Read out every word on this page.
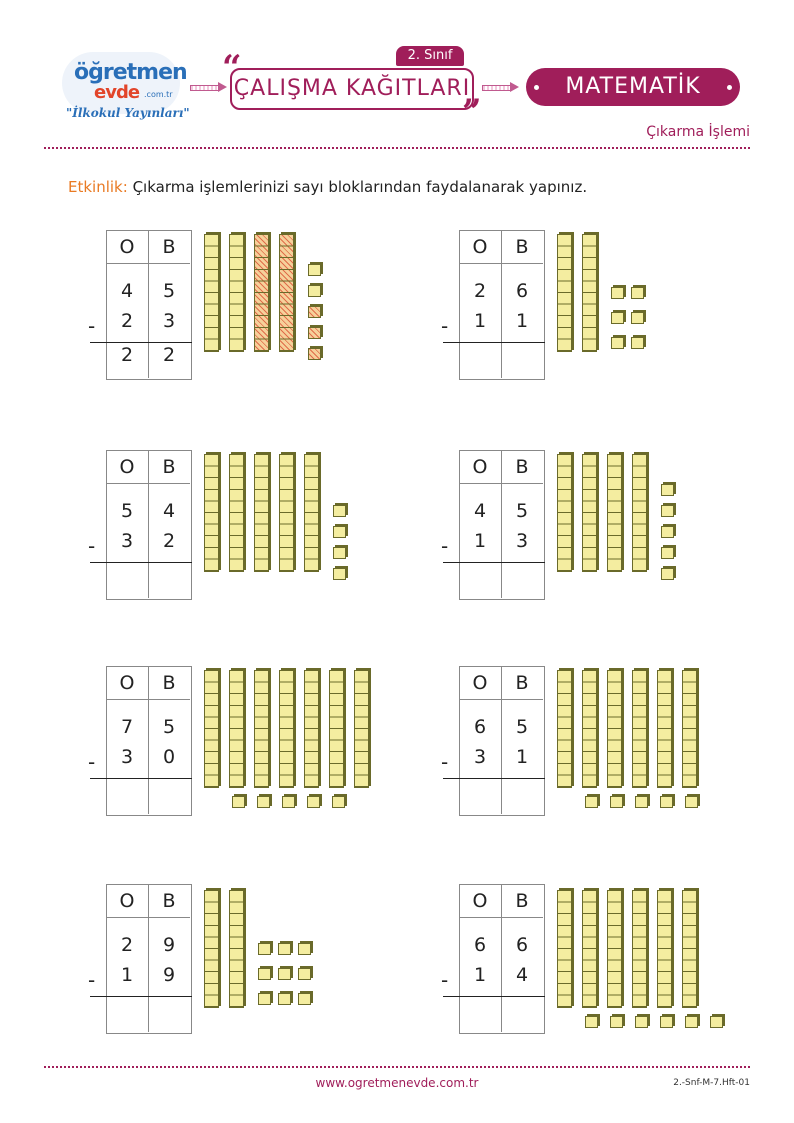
öğretmen
evde .com.tr
"İlkokul Yayınları"
“	2. Sınıf
ÇALIŞMA KAĞITLARI
”
MATEMATİK
Çıkarma İşlemi
Etkinlik: Çıkarma işlemlerinizi sayı bloklarından faydalanarak yapınız.
O	B
4	5
-	2	3
2	2
O	B
2	6
-	1	1
O	B
5	4
-	3	2
O	B
4	5
-	1	3
O	B
7	5
-	3	0
O	B
6	5
-	3	1
O	B
2	9
-	1	9
O	B
6	6
-	1	4
www.ogretmenevde.com.tr	2.-Snf-M-7.Hft-01
